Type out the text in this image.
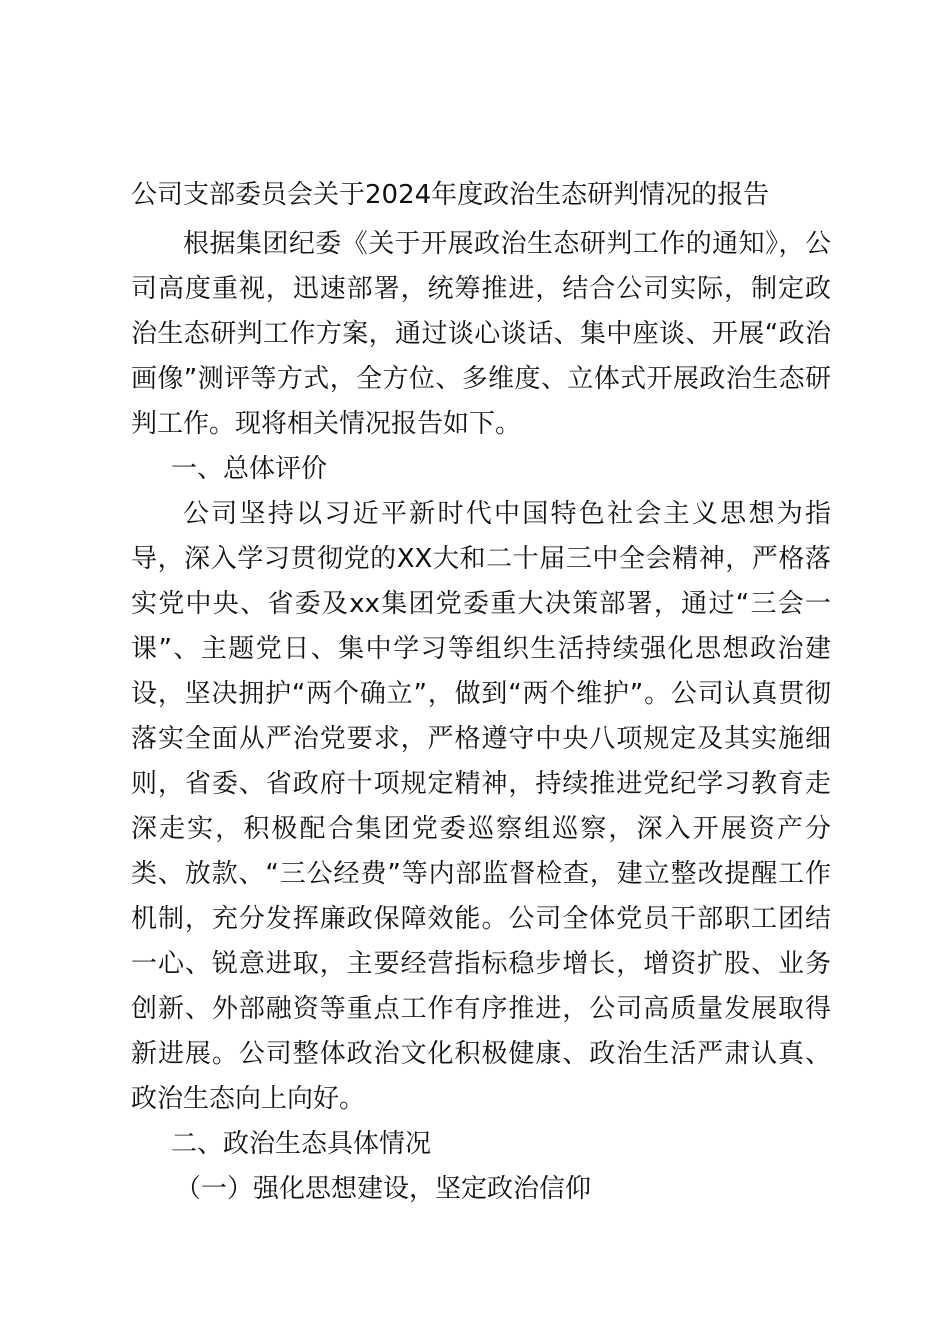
公司支部委员会关于2024年度政治生态研判情况的报告

根据集团纪委《关于开展政治生态研判工作的通知》，公司高度重视，迅速部署，统筹推进，结合公司实际，制定政治生态研判工作方案，通过谈心谈话、集中座谈、开展“政治画像”测评等方式，全方位、多维度、立体式开展政治生态研判工作。现将相关情况报告如下。

一、总体评价

公司坚持以习近平新时代中国特色社会主义思想为指导，深入学习贯彻党的XX大和二十届三中全会精神，严格落实党中央、省委及xx集团党委重大决策部署，通过“三会一课”、主题党日、集中学习等组织生活持续强化思想政治建设，坚决拥护“两个确立”，做到“两个维护”。公司认真贯彻落实全面从严治党要求，严格遵守中央八项规定及其实施细则，省委、省政府十项规定精神，持续推进党纪学习教育走深走实，积极配合集团党委巡察组巡察，深入开展资产分类、放款、“三公经费”等内部监督检查，建立整改提醒工作机制，充分发挥廉政保障效能。公司全体党员干部职工团结一心、锐意进取，主要经营指标稳步增长，增资扩股、业务创新、外部融资等重点工作有序推进，公司高质量发展取得新进展。公司整体政治文化积极健康、政治生活严肃认真、政治生态向上向好。

二、政治生态具体情况

（一）强化思想建设，坚定政治信仰
